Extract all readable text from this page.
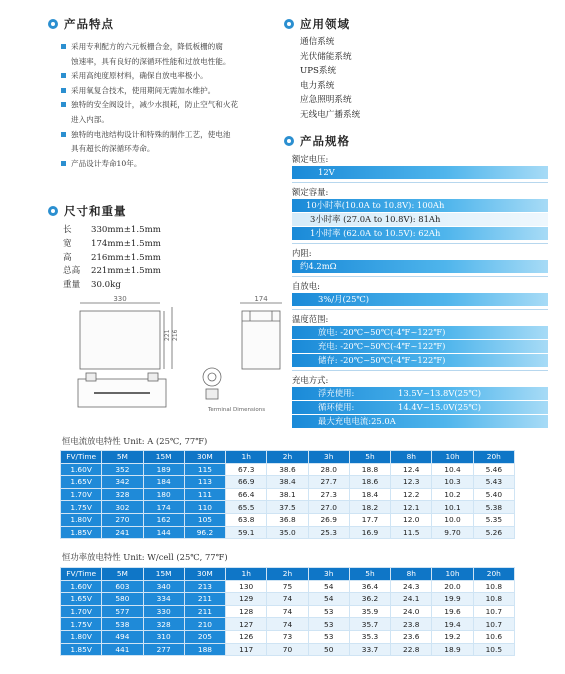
产品特点
采用专利配方的六元板栅合金，降低板栅的腐
蚀速率，具有良好的深循环性能和过放电性能。
采用高纯度原材料，确保自放电率极小。
采用氧复合技术，使用期间无需加水维护。
独特的安全阀设计，减少水损耗，防止空气和火花
进入内部。
独特的电池结构设计和特殊的制作工艺，使电池
具有超长的深循环寿命。
产品设计寿命10年。
尺寸和重量
长	330mm±1.5mm
宽	174mm±1.5mm
高	216mm±1.5mm
总高	221mm±1.5mm
重量	30.0kg
330	174
221 216
Terminal Dimensions
应用领域
通信系统
光伏储能系统
UPS系统
电力系统
应急照明系统
无线电广播系统
产品规格
额定电压:
12V
额定容量:
10小时率(10.0A to 10.8V): 100Ah
3小时率 (27.0A to 10.8V): 81Ah
1小时率 (62.0A to 10.5V): 62Ah
内阻:
约4.2mΩ
自放电:
3%/月(25℃)
温度范围:
放电: -20℃~50℃(-4℉~122℉)
充电: -20℃~50℃(-4℉~122℉)
储存: -20℃~50℃(-4℉~122℉)
充电方式:
浮充使用:	13.5V~13.8V(25℃)
循环使用:	14.4V~15.0V(25℃)
最大充电电流: 25.0A
恒电流放电特性 Unit: A (25℃, 77℉)
FV/Time	5M	15M	30M	1h	2h	3h	5h	8h	10h	20h
1.60V	352	189	115	67.3	38.6	28.0	18.8	12.4	10.4	5.46
1.65V	342	184	113	66.9	38.4	27.7	18.6	12.3	10.3	5.43
1.70V	328	180	111	66.4	38.1	27.3	18.4	12.2	10.2	5.40
1.75V	302	174	110	65.5	37.5	27.0	18.2	12.1	10.1	5.38
1.80V	270	162	105	63.8	36.8	26.9	17.7	12.0	10.0	5.35
1.85V	241	144	96.2	59.1	35.0	25.3	16.9	11.5	9.70	5.26
恒功率放电特性 Unit: W/cell (25℃, 77℉)
FV/Time	5M	15M	30M	1h	2h	3h	5h	8h	10h	20h
1.60V	603	340	213	130	75	54	36.4	24.3	20.0	10.8
1.65V	580	334	211	129	74	54	36.2	24.1	19.9	10.8
1.70V	577	330	211	128	74	53	35.9	24.0	19.6	10.7
1.75V	538	328	210	127	74	53	35.7	23.8	19.4	10.7
1.80V	494	310	205	126	73	53	35.3	23.6	19.2	10.6
1.85V	441	277	188	117	70	50	33.7	22.8	18.9	10.5
